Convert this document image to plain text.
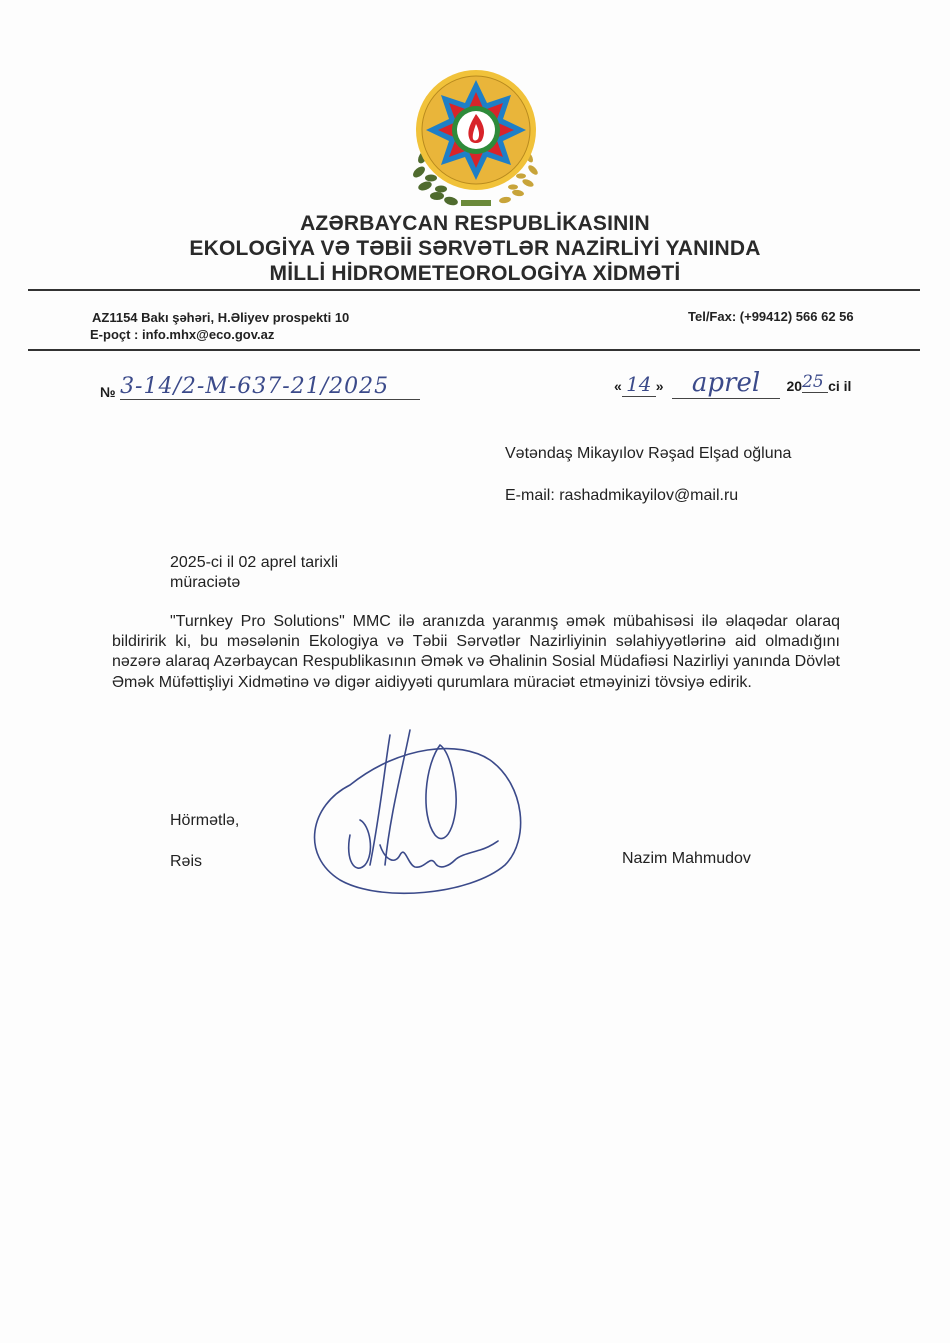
AZƏRBAYCAN RESPUBLİKASININ
EKOLOGİYA VƏ TƏBİİ SƏRVƏTLƏR NAZİRLİYİ YANINDA
MİLLİ HİDROMETEOROLOGİYA XİDMƏTİ
AZ1154 Bakı şəhəri, H.Əliyev prospekti 10
E-poçt : info.mhx@eco.gov.az
Tel/Fax: (+99412) 566 62 56
№ 3-14/2-M-637-21/2025	« 14 » aprel 2025 ci il
Vətəndaş Mikayılov Rəşad Elşad oğluna
E-mail: rashadmikayilov@mail.ru
2025-ci il 02 aprel tarixli
müraciətə
"Turnkey Pro Solutions" MMC ilə aranızda yaranmış əmək mübahisəsi ilə əlaqədar olaraq bildiririk ki, bu məsələnin Ekologiya və Təbii Sərvətlər Nazirliyinin səlahiyyətlərinə aid olmadığını nəzərə alaraq Azərbaycan Respublikasının Əmək və Əhalinin Sosial Müdafiəsi Nazirliyi yanında Dövlət Əmək Müfəttişliyi Xidmətinə və digər aidiyyəti qurumlara müraciət etməyinizi tövsiyə edirik.
Hörmətlə,
Rəis	Nazim Mahmudov
